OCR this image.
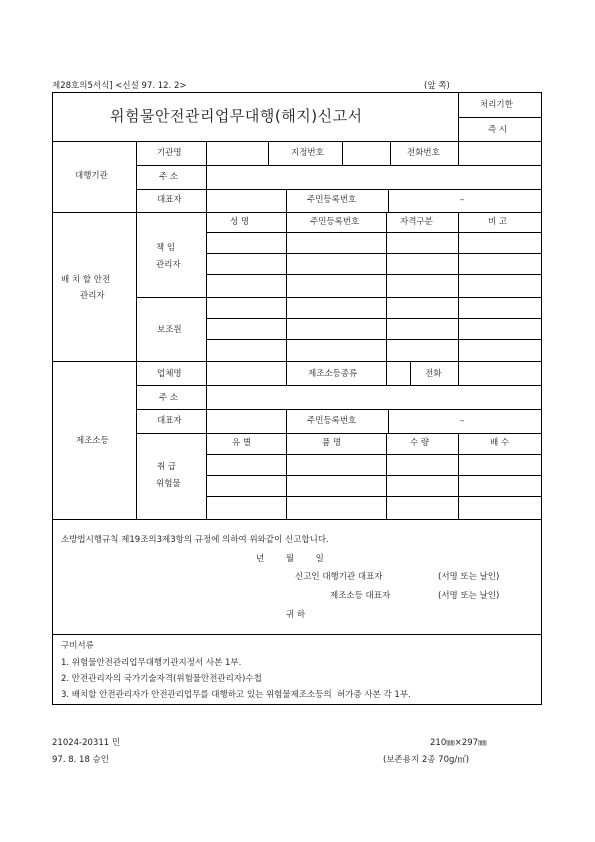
제28호의5서식] <신설 97. 12. 2>	(앞 쪽)
위험물안전관리업무대행(해지)신고서
처리기한
즉 시
대행기관
기관명	지정번호	전화번호
주 소
대표자	주민등록번호	–
배 치 할 안전
관리자
성 명	주민등록번호	자격구분	비 고
책 임
관리자
보조원
제조소등
업체명	제조소등종류	전화
주 소
대표자	주민등록번호	–
유 별	품 명	수 량	배 수
취 급
위험물
소방법시행규칙 제19조의3제3항의 규정에 의하여 위와같이 신고합니다.
년        월        일
신고인 대행기관 대표자	(서명 또는 날인)
제조소등 대표자	(서명 또는 날인)
귀 하
구비서류
1. 위험물안전관리업무대행기관지정서 사본 1부.
2. 안전관리자의 국가기술자격(위험물안전관리자)수첩
3. 배치할 안전관리자가 안전관리업무를 대행하고 있는 위험물제조소등의  허가증 사본 각 1부.
21024-20311 민
97. 8. 18 승인
210㎜×297㎜
(보존용지 2종 70g/㎡)
